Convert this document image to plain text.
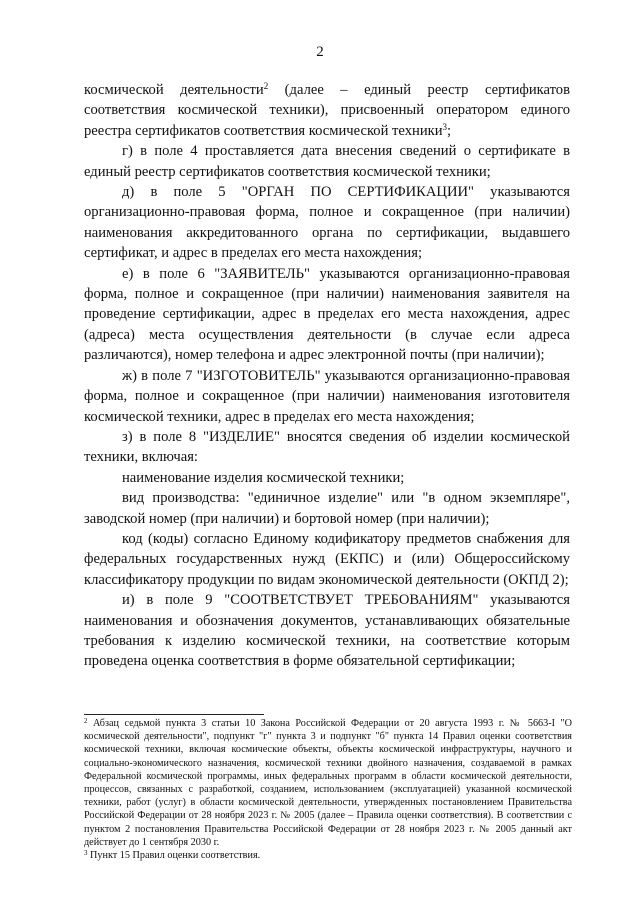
2

космической деятельности$^2$ (далее – единый реестр сертификатов соответствия космической техники), присвоенный оператором единого реестра сертификатов соответствия космической техники$^3$;

г) в поле 4 проставляется дата внесения сведений о сертификате в единый реестр сертификатов соответствия космической техники;

д) в поле 5 "ОРГАН ПО СЕРТИФИКАЦИИ" указываются организационно-правовая форма, полное и сокращенное (при наличии) наименования аккредитованного органа по сертификации, выдавшего сертификат, и адрес в пределах его места нахождения;

е) в поле 6 "ЗАЯВИТЕЛЬ" указываются организационно-правовая форма, полное и сокращенное (при наличии) наименования заявителя на проведение сертификации, адрес в пределах его места нахождения, адрес (адреса) места осуществления деятельности (в случае если адреса различаются), номер телефона и адрес электронной почты (при наличии);

ж) в поле 7 "ИЗГОТОВИТЕЛЬ" указываются организационно-правовая форма, полное и сокращенное (при наличии) наименования изготовителя космической техники, адрес в пределах его места нахождения;

з) в поле 8 "ИЗДЕЛИЕ" вносятся сведения об изделии космической техники, включая:

наименование изделия космической техники;

вид производства: "единичное изделие" или "в одном экземпляре", заводской номер (при наличии) и бортовой номер (при наличии);

код (коды) согласно Единому кодификатору предметов снабжения для федеральных государственных нужд (ЕКПС) и (или) Общероссийскому классификатору продукции по видам экономической деятельности (ОКПД 2);

и) в поле 9 "СООТВЕТСТВУЕТ ТРЕБОВАНИЯМ" указываются наименования и обозначения документов, устанавливающих обязательные требования к изделию космической техники, на соответствие которым проведена оценка соответствия в форме обязательной сертификации;

$^2$ Абзац седьмой пункта 3 статьи 10 Закона Российской Федерации от 20 августа 1993 г. № 5663-I "О космической деятельности", подпункт "г" пункта 3 и подпункт "б" пункта 14 Правил оценки соответствия космической техники, включая космические объекты, объекты космической инфраструктуры, научного и социально-экономического назначения, космической техники двойного назначения, создаваемой в рамках Федеральной космической программы, иных федеральных программ в области космической деятельности, процессов, связанных с разработкой, созданием, использованием (эксплуатацией) указанной космической техники, работ (услуг) в области космической деятельности, утвержденных постановлением Правительства Российской Федерации от 28 ноября 2023 г. № 2005 (далее – Правила оценки соответствия). В соответствии с пунктом 2 постановления Правительства Российской Федерации от 28 ноября 2023 г. № 2005 данный акт действует до 1 сентября 2030 г.

$^3$ Пункт 15 Правил оценки соответствия.
